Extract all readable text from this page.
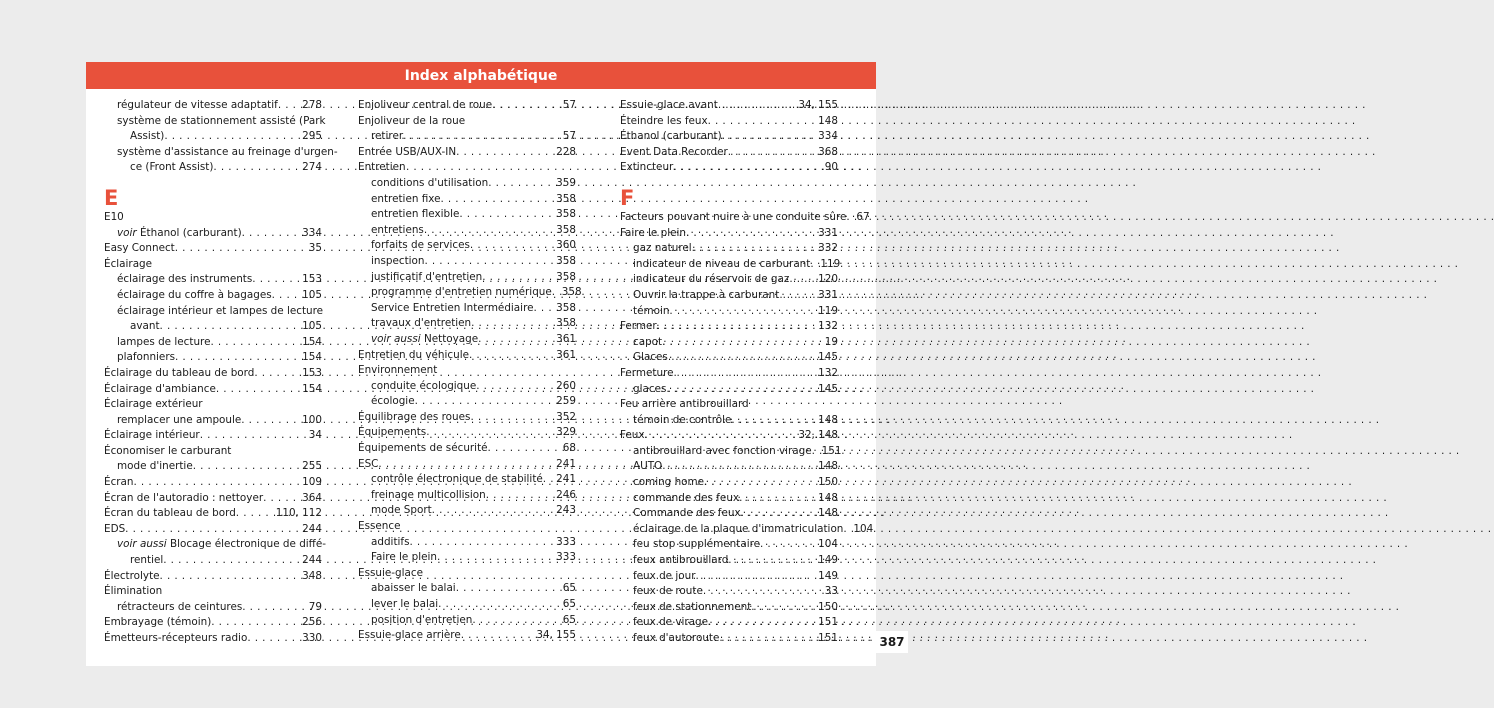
Index alphabétique
régulateur de vitesse adaptatif . . .	278
système de stationnement assisté (Park
Assist) . . .	295
système d'assistance au freinage d'urgen-
ce (Front Assist) . . .	274
E
E10
voir Éthanol (carburant) . . .	334
Easy Connect . . .	35
Éclairage
éclairage des instruments . . .	153
éclairage du coffre à bagages . . .	105
éclairage intérieur et lampes de lecture
avant . . .	105
lampes de lecture . . .	154
plafonniers . . .	154
Éclairage du tableau de bord . . .	153
Éclairage d'ambiance . . .	154
Éclairage extérieur
remplacer une ampoule . . .	100
Éclairage intérieur . . .	34
Économiser le carburant
mode d'inertie . . .	255
Écran . . .	109
Écran de l'autoradio : nettoyer . . .	364
Écran du tableau de bord . . .	110, 112
EDS . . .	244
voir aussi Blocage électronique de diffé-
rentiel . . .	244
Électrolyte . . .	348
Élimination
rétracteurs de ceintures . . .	79
Embrayage (témoin) . . .	256
Émetteurs-récepteurs radio . . .	330
Enjoliveur central de roue . . .	57
Enjoliveur de la roue
retirer . . .	57
Entrée USB/AUX-IN . . .	228
Entretien
conditions d'utilisation . . .	359
entretien fixe . . .	358
entretien flexible . . .	358
entretiens . . .	358
forfaits de services . . .	360
inspection . . .	358
justificatif d'entretien . . .	358
programme d'entretien numérique . . . 358
Service Entretien Intermédiaire . . .	358
travaux d'entretien . . .	358
voir aussi Nettoyage . . .	361
Entretien du véhicule . . .	361
Environnement
conduite écologique . . .	260
écologie . . .	259
Équilibrage des roues . . .	352
Équipements . . .	329
Équipements de sécurité . . .	68
ESC . . .	241
contrôle électronique de stabilité . . .	241
freinage multicollision . . .	246
mode Sport . . .	243
Essence
additifs . . .	333
Faire le plein . . .	333
Essuie-glace
abaisser le balai . . .	65
lever le balai . . .	65
position d'entretien . . .	65
Essuie-glace arrière . . .	34, 155
Essuie-glace avant . . .	34, 155
Éteindre les feux . . .	148
Éthanol (carburant) . . .	334
Event Data Recorder . . .	368
Extincteur . . .	90
F
Facteurs pouvant nuire à une conduite sûre . . . 67
Faire le plein . . .	331
gaz naturel . . .	332
indicateur de niveau de carburant . . . 119
indicateur du réservoir de gaz . . .	120
Ouvrir la trappe à carburant . . .	331
témoin . . .	119
Fermer . . .	132
capot . . .	19
Glaces . . .	145
Fermeture . . .	132
glaces . . .	145
Feu arrière antibrouillard
témoin de contrôle . . .	148
Feux . . .	32, 148
antibrouillard avec fonction virage . . . 151
AUTO . . .	148
coming home . . .	150
commande des feux . . .	148
Commande des feux . . .	148
éclairage de la plaque d'immatriculation . . . 104
feu stop supplémentaire . . .	104
feux antibrouillard . . .	149
feux de jour . . .	149
feux de route . . .	33
feux de stationnement . . .	150
feux de virage . . .	151
feux d'autoroute . . .	151	387
